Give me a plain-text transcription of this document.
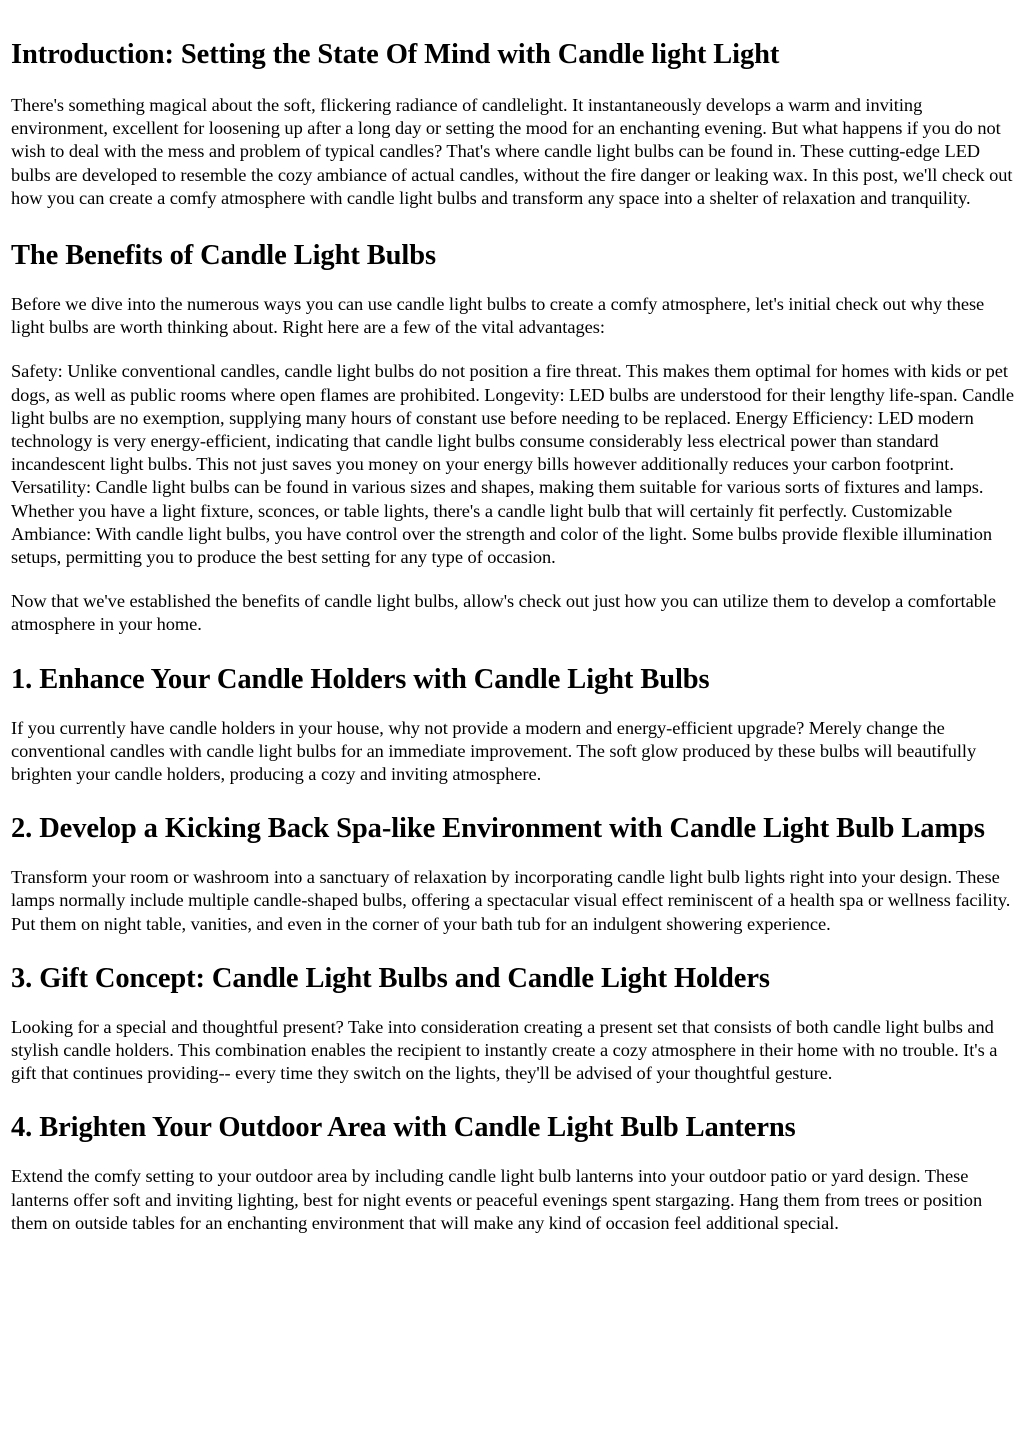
Introduction: Setting the State Of Mind with Candle light Light

There's something magical about the soft, flickering radiance of candlelight. It instantaneously develops a warm and inviting environment, excellent for loosening up after a long day or setting the mood for an enchanting evening. But what happens if you do not wish to deal with the mess and problem of typical candles? That's where candle light bulbs can be found in. These cutting-edge LED bulbs are developed to resemble the cozy ambiance of actual candles, without the fire danger or leaking wax. In this post, we'll check out how you can create a comfy atmosphere with candle light bulbs and transform any space into a shelter of relaxation and tranquility.

The Benefits of Candle Light Bulbs

Before we dive into the numerous ways you can use candle light bulbs to create a comfy atmosphere, let's initial check out why these light bulbs are worth thinking about. Right here are a few of the vital advantages:

Safety: Unlike conventional candles, candle light bulbs do not position a fire threat. This makes them optimal for homes with kids or pet dogs, as well as public rooms where open flames are prohibited. Longevity: LED bulbs are understood for their lengthy life-span. Candle light bulbs are no exemption, supplying many hours of constant use before needing to be replaced. Energy Efficiency: LED modern technology is very energy-efficient, indicating that candle light bulbs consume considerably less electrical power than standard incandescent light bulbs. This not just saves you money on your energy bills however additionally reduces your carbon footprint. Versatility: Candle light bulbs can be found in various sizes and shapes, making them suitable for various sorts of fixtures and lamps. Whether you have a light fixture, sconces, or table lights, there's a candle light bulb that will certainly fit perfectly. Customizable Ambiance: With candle light bulbs, you have control over the strength and color of the light. Some bulbs provide flexible illumination setups, permitting you to produce the best setting for any type of occasion.

Now that we've established the benefits of candle light bulbs, allow's check out just how you can utilize them to develop a comfortable atmosphere in your home.

1. Enhance Your Candle Holders with Candle Light Bulbs

If you currently have candle holders in your house, why not provide a modern and energy-efficient upgrade? Merely change the conventional candles with candle light bulbs for an immediate improvement. The soft glow produced by these bulbs will beautifully brighten your candle holders, producing a cozy and inviting atmosphere.

2. Develop a Kicking Back Spa-like Environment with Candle Light Bulb Lamps

Transform your room or washroom into a sanctuary of relaxation by incorporating candle light bulb lights right into your design. These lamps normally include multiple candle-shaped bulbs, offering a spectacular visual effect reminiscent of a health spa or wellness facility. Put them on night table, vanities, and even in the corner of your bath tub for an indulgent showering experience.

3. Gift Concept: Candle Light Bulbs and Candle Light Holders

Looking for a special and thoughtful present? Take into consideration creating a present set that consists of both candle light bulbs and stylish candle holders. This combination enables the recipient to instantly create a cozy atmosphere in their home with no trouble. It's a gift that continues providing-- every time they switch on the lights, they'll be advised of your thoughtful gesture.

4. Brighten Your Outdoor Area with Candle Light Bulb Lanterns

Extend the comfy setting to your outdoor area by including candle light bulb lanterns into your outdoor patio or yard design. These lanterns offer soft and inviting lighting, best for night events or peaceful evenings spent stargazing. Hang them from trees or position them on outside tables for an enchanting environment that will make any kind of occasion feel additional special.
